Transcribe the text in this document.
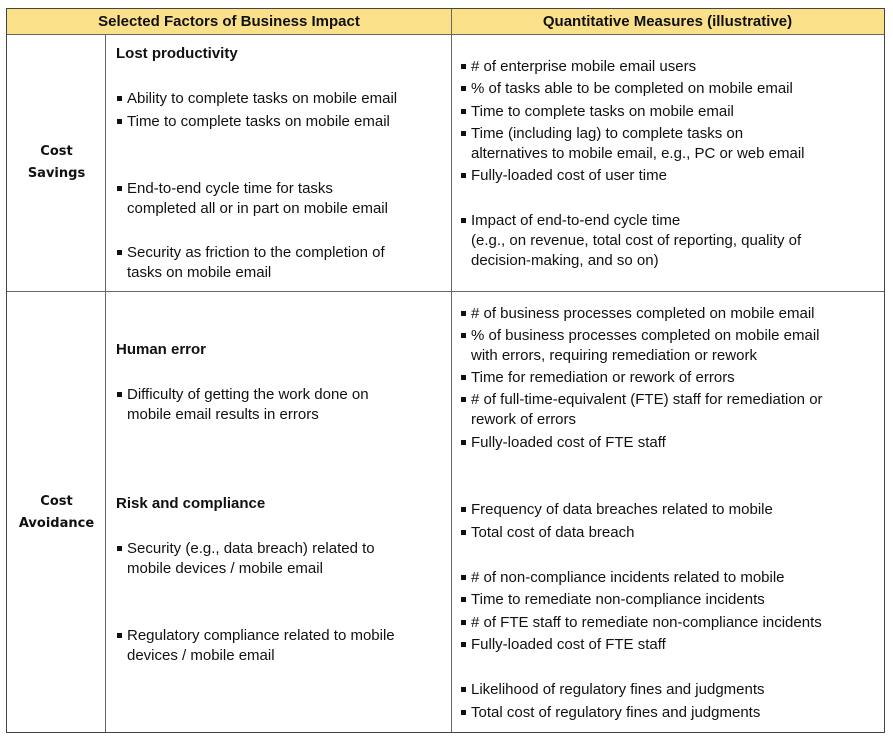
Selected Factors of Business Impact	Quantitative Measures (illustrative)
Cost
Savings
Cost
Avoidance
Lost productivity
Ability to complete tasks on mobile email
Time to complete tasks on mobile email
End-to-end cycle time for tasks
completed all or in part on mobile email
Security as friction to the completion of
tasks on mobile email
Human error
Difficulty of getting the work done on
mobile email results in errors
Risk and compliance
Security (e.g., data breach) related to
mobile devices / mobile email
Regulatory compliance related to mobile
devices / mobile email
# of enterprise mobile email users
% of tasks able to be completed on mobile email
Time to complete tasks on mobile email
Time (including lag) to complete tasks on
alternatives to mobile email, e.g., PC or web email
Fully-loaded cost of user time
Impact of end-to-end cycle time
(e.g., on revenue, total cost of reporting, quality of
decision-making, and so on)
# of business processes completed on mobile email
% of business processes completed on mobile email
with errors, requiring remediation or rework
Time for remediation or rework of errors
# of full-time-equivalent (FTE) staff for remediation or
rework of errors
Fully-loaded cost of FTE staff
Frequency of data breaches related to mobile
Total cost of data breach
# of non-compliance incidents related to mobile
Time to remediate non-compliance incidents
# of FTE staff to remediate non-compliance incidents
Fully-loaded cost of FTE staff
Likelihood of regulatory fines and judgments
Total cost of regulatory fines and judgments
